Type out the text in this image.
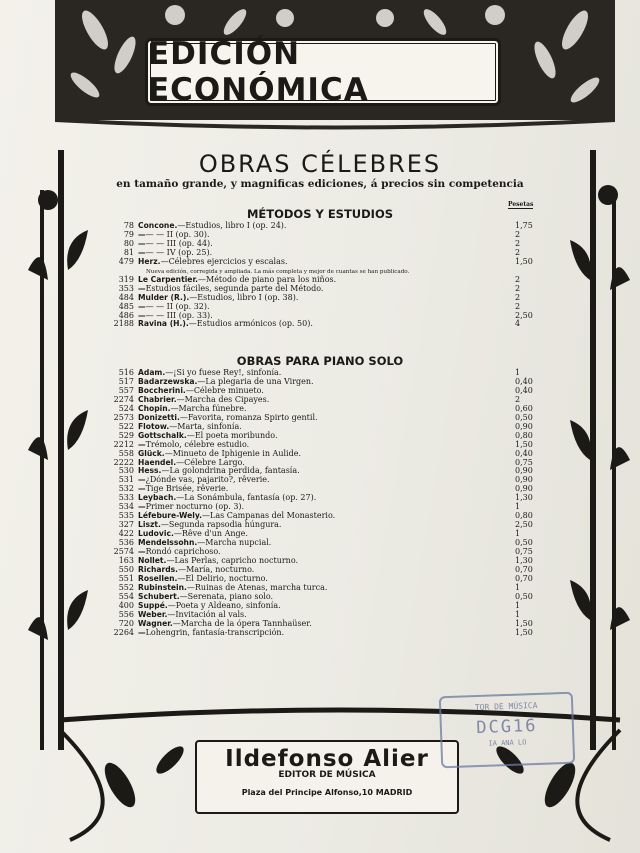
EDICIÓN ECONÓMICA
OBRAS CÉLEBRES
en tamaño grande, y magnificas ediciones, á precios sin competencia
MÉTODOS Y ESTUDIOS
Pesetas
78 Concone.—Estudios, libro I (op. 24).	1,75
79 —— — II (op. 30).	2
80 —— — III (op. 44).	2
81 —— — IV (op. 25).	2
479 Herz.—Célebres ejercicios y escalas.	1,50
Nueva edición, corregida y ampliada. La más completa y mejor de cuantas se han publicado.
319 Le Carpentier.—Método de piano para los niños.	2
353 —Estudios fáciles, segunda parte del Método.	2
484 Mulder (R.).—Estudios, libro I (op. 38).	2
485 —— — II (op. 32).	2
486 —— — III (op. 33).	2,50
2188 Ravina (H.).—Estudios armónicos (op. 50).	4
OBRAS PARA PIANO SOLO
516 Adam.—¡Si yo fuese Rey!, sinfonía.	1
517 Badarzewska.—La plegaria de una Virgen.	0,40
557 Boccherini.—Célebre minueto.	0,40
2274 Chabrier.—Marcha des Cipayes.	2
524 Chopin.—Marcha fúnebre.	0,60
2573 Donizetti.—Favorita, romanza Spirto gentil.	0,50
522 Flotow.—Marta, sinfonía.	0,90
529 Gottschalk.—El poeta moribundo.	0,80
2212 —Trémolo, célebre estudio.	1,50
558 Glück.—Minueto de Iphigenie in Aulide.	0,40
2222 Haendel.—Célebre Largo.	0,75
530 Hess.—La golondrina perdida, fantasía.	0,90
531 —¿Dónde vas, pajarito?, rêverie.	0,90
532 —Tige Brisée, rêverie.	0,90
533 Leybach.—La Sonámbula, fantasía (op. 27).	1,30
534 —Primer nocturno (op. 3).	1
535 Léfebure-Wely.—Las Campanas del Monasterio.	0,80
327 Liszt.—Segunda rapsodia húngura.	2,50
422 Ludovic.—Rêve d'un Ange.	1
536 Mendelssohn.—Marcha nupcial.	0,50
2574 —Rondó caprichoso.	0,75
163 Nollet.—Las Perlas, capricho nocturno.	1,30
550 Richards.—María, nocturno.	0,70
551 Rosellen.—El Delirio, nocturno.	0,70
552 Rubinstein.—Ruinas de Atenas, marcha turca.	1
554 Schubert.—Serenata, piano solo.	0,50
400 Suppé.—Poeta y Aldeano, sinfonía.	1
556 Weber.—Invitación al vals.	1
720 Wagner.—Marcha de la ópera Tannhaüser.	1,50
2264 —Lohengrin, fantasía-transcripción.	1,50
Ildefonso Alier
EDITOR DE MÚSICA
Plaza del Principe Alfonso,10 MADRID
TOR DE MÚSICA
DCG16
IA ANA LO
